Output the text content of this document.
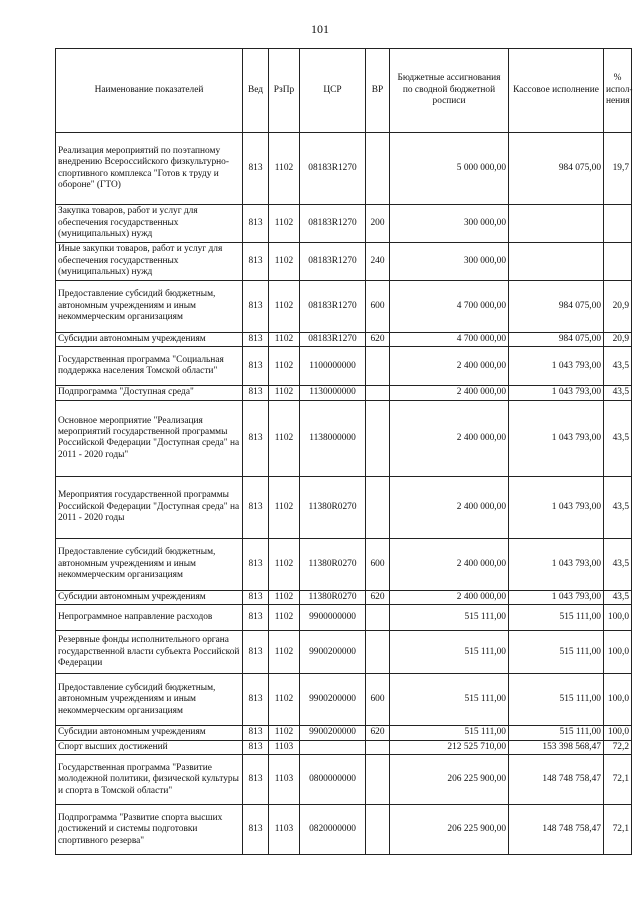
101
Наименование показателей	Вед	РзПр	ЦСР	ВР	Бюджетные ассигнования по сводной бюджетной росписи	Кассовое исполнение	% испол-нения
Реализация мероприятий по поэтапному внедрению Всероссийского физкультурно-спортивного комплекса "Готов к труду и обороне" (ГТО)	813	1102	08183R1270		5 000 000,00	984 075,00	19,7
Закупка товаров, работ и услуг для обеспечения государственных (муниципальных) нужд	813	1102	08183R1270	200	300 000,00		
Иные закупки товаров, работ и услуг для обеспечения государственных (муниципальных) нужд	813	1102	08183R1270	240	300 000,00		
Предоставление субсидий бюджетным, автономным учреждениям и иным некоммерческим организациям	813	1102	08183R1270	600	4 700 000,00	984 075,00	20,9
Субсидии автономным учреждениям	813	1102	08183R1270	620	4 700 000,00	984 075,00	20,9
Государственная программа "Социальная поддержка населения Томской области"	813	1102	1100000000		2 400 000,00	1 043 793,00	43,5
Подпрограмма "Доступная среда"	813	1102	1130000000		2 400 000,00	1 043 793,00	43,5
Основное мероприятие "Реализация мероприятий государственной программы Российской Федерации "Доступная среда" на 2011 - 2020 годы"	813	1102	1138000000		2 400 000,00	1 043 793,00	43,5
Мероприятия государственной программы Российской Федерации "Доступная среда" на 2011 - 2020 годы	813	1102	11380R0270		2 400 000,00	1 043 793,00	43,5
Предоставление субсидий бюджетным, автономным учреждениям и иным некоммерческим организациям	813	1102	11380R0270	600	2 400 000,00	1 043 793,00	43,5
Субсидии автономным учреждениям	813	1102	11380R0270	620	2 400 000,00	1 043 793,00	43,5
Непрограммное направление расходов	813	1102	9900000000		515 111,00	515 111,00	100,0
Резервные фонды исполнительного органа государственной власти субъекта Российской Федерации	813	1102	9900200000		515 111,00	515 111,00	100,0
Предоставление субсидий бюджетным, автономным учреждениям и иным некоммерческим организациям	813	1102	9900200000	600	515 111,00	515 111,00	100,0
Субсидии автономным учреждениям	813	1102	9900200000	620	515 111,00	515 111,00	100,0
Спорт высших достижений	813	1103			212 525 710,00	153 398 568,47	72,2
Государственная программа "Развитие молодежной политики, физической культуры и спорта в Томской области"	813	1103	0800000000		206 225 900,00	148 748 758,47	72,1
Подпрограмма "Развитие спорта высших достижений и системы подготовки спортивного резерва"	813	1103	0820000000		206 225 900,00	148 748 758,47	72,1
